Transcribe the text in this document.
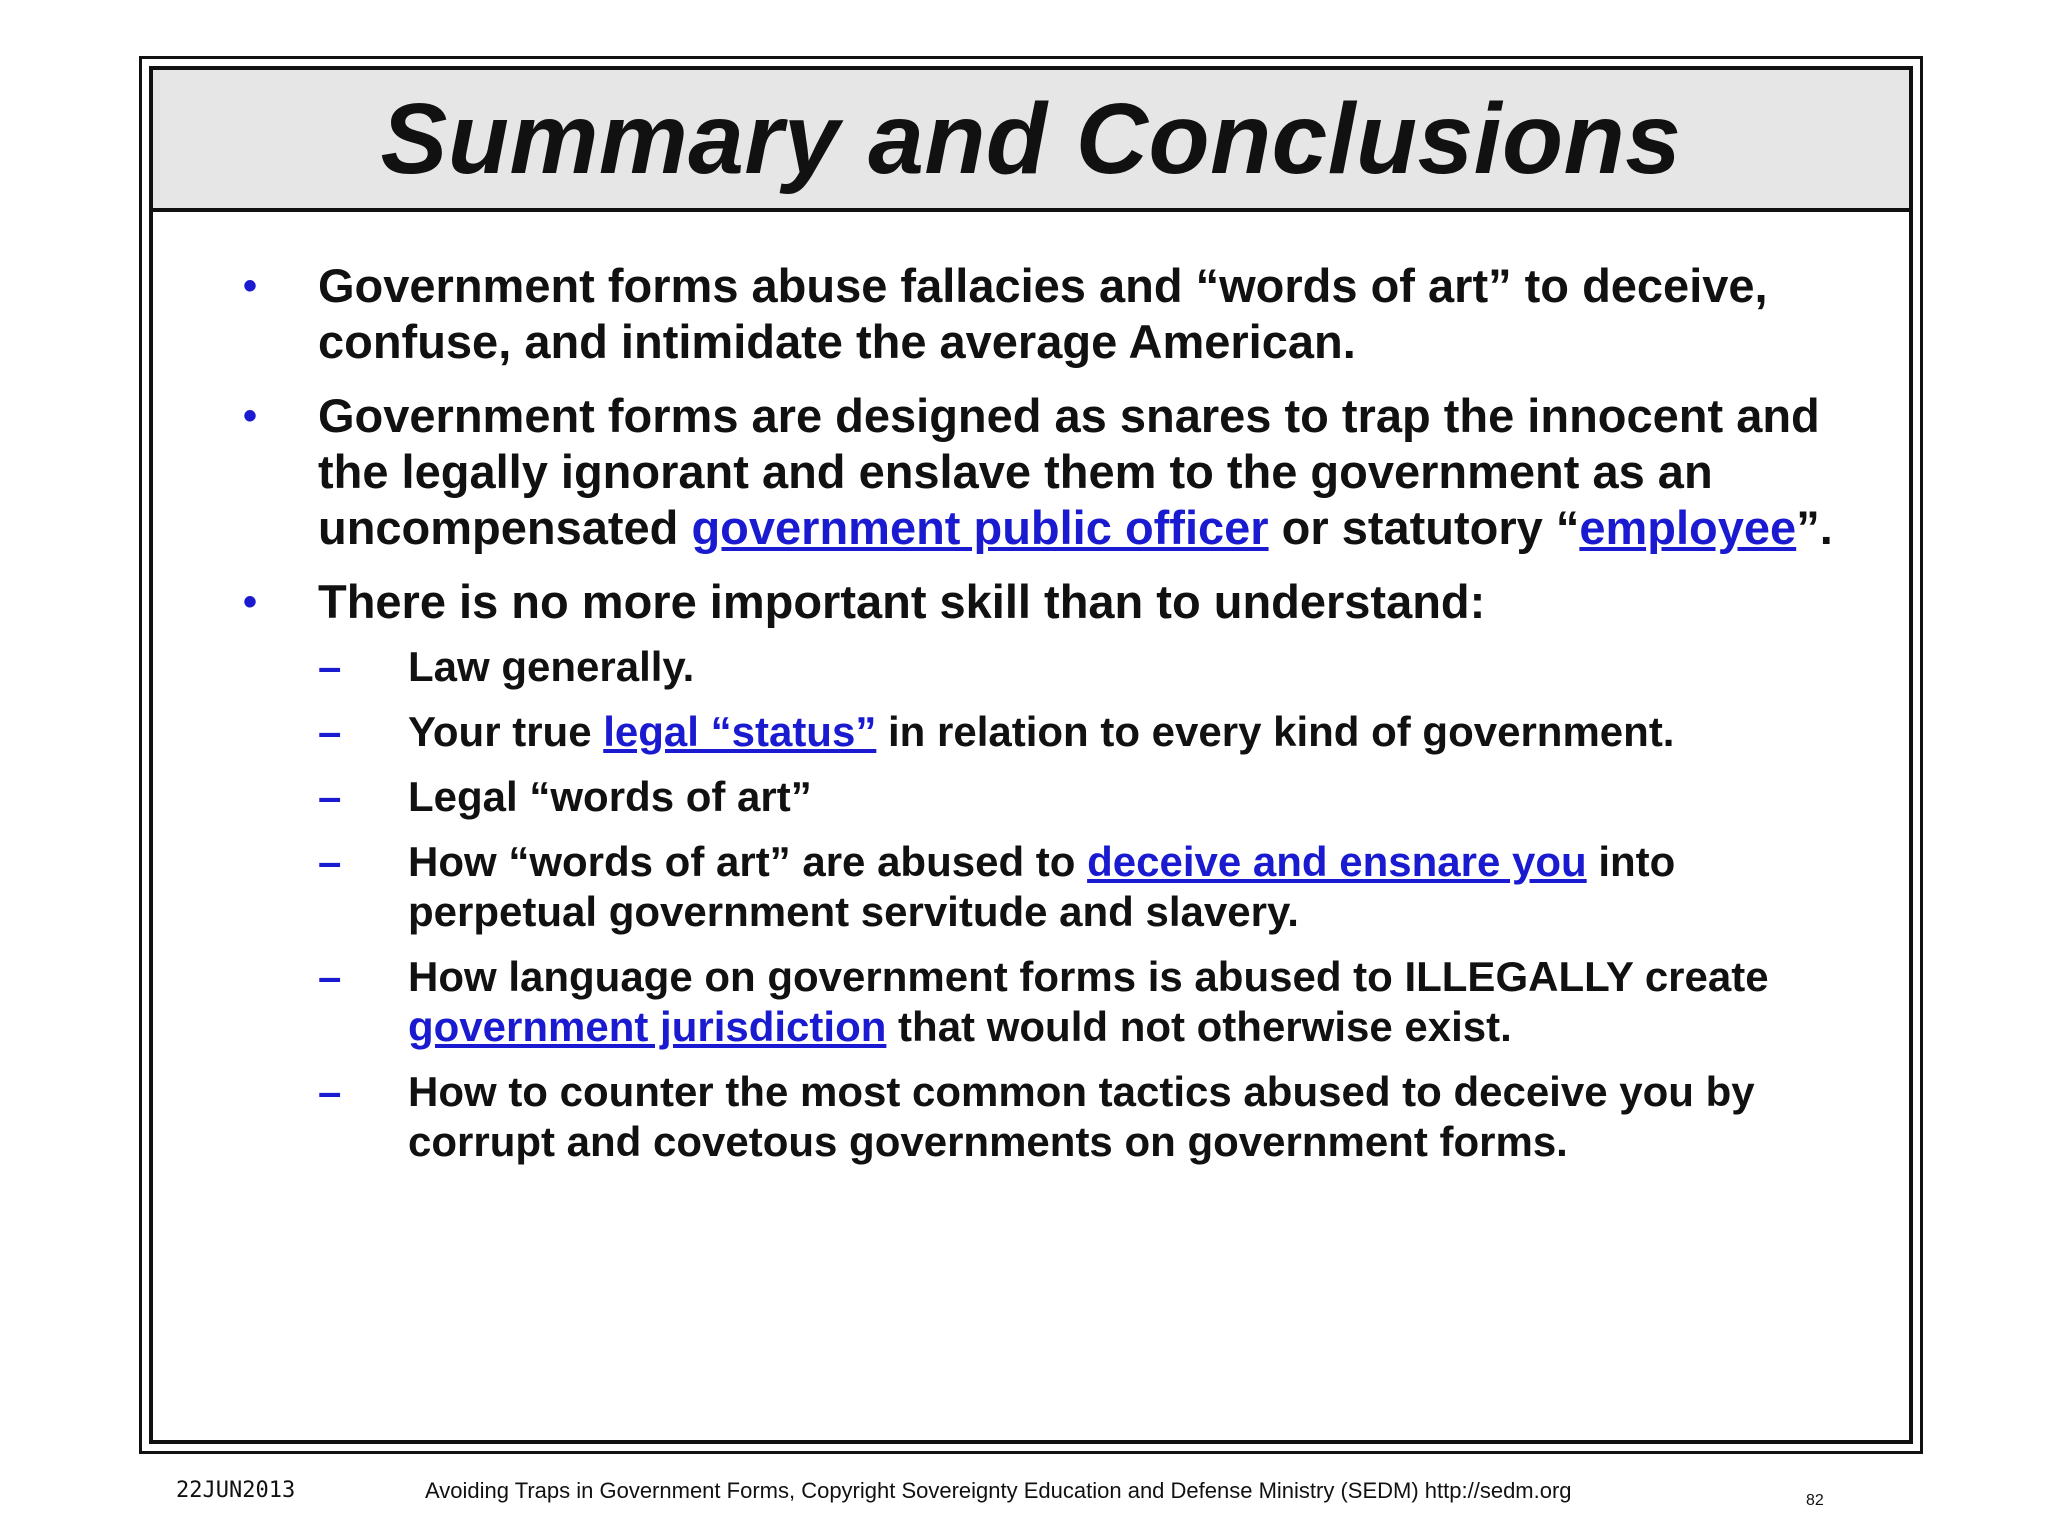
Summary and Conclusions
• Government forms abuse fallacies and “words of art” to deceive, confuse, and intimidate the average American.
• Government forms are designed as snares to trap the innocent and the legally ignorant and enslave them to the government as an uncompensated government public officer or statutory “employee”.
• There is no more important skill than to understand:
– Law generally.
– Your true legal “status” in relation to every kind of government.
– Legal “words of art”
– How “words of art” are abused to deceive and ensnare you into perpetual government servitude and slavery.
– How language on government forms is abused to ILLEGALLY create government jurisdiction that would not otherwise exist.
– How to counter the most common tactics abused to deceive you by corrupt and covetous governments on government forms.
22JUN2013	Avoiding Traps in Government Forms, Copyright Sovereignty Education and Defense Ministry (SEDM) http://sedm.org	82
